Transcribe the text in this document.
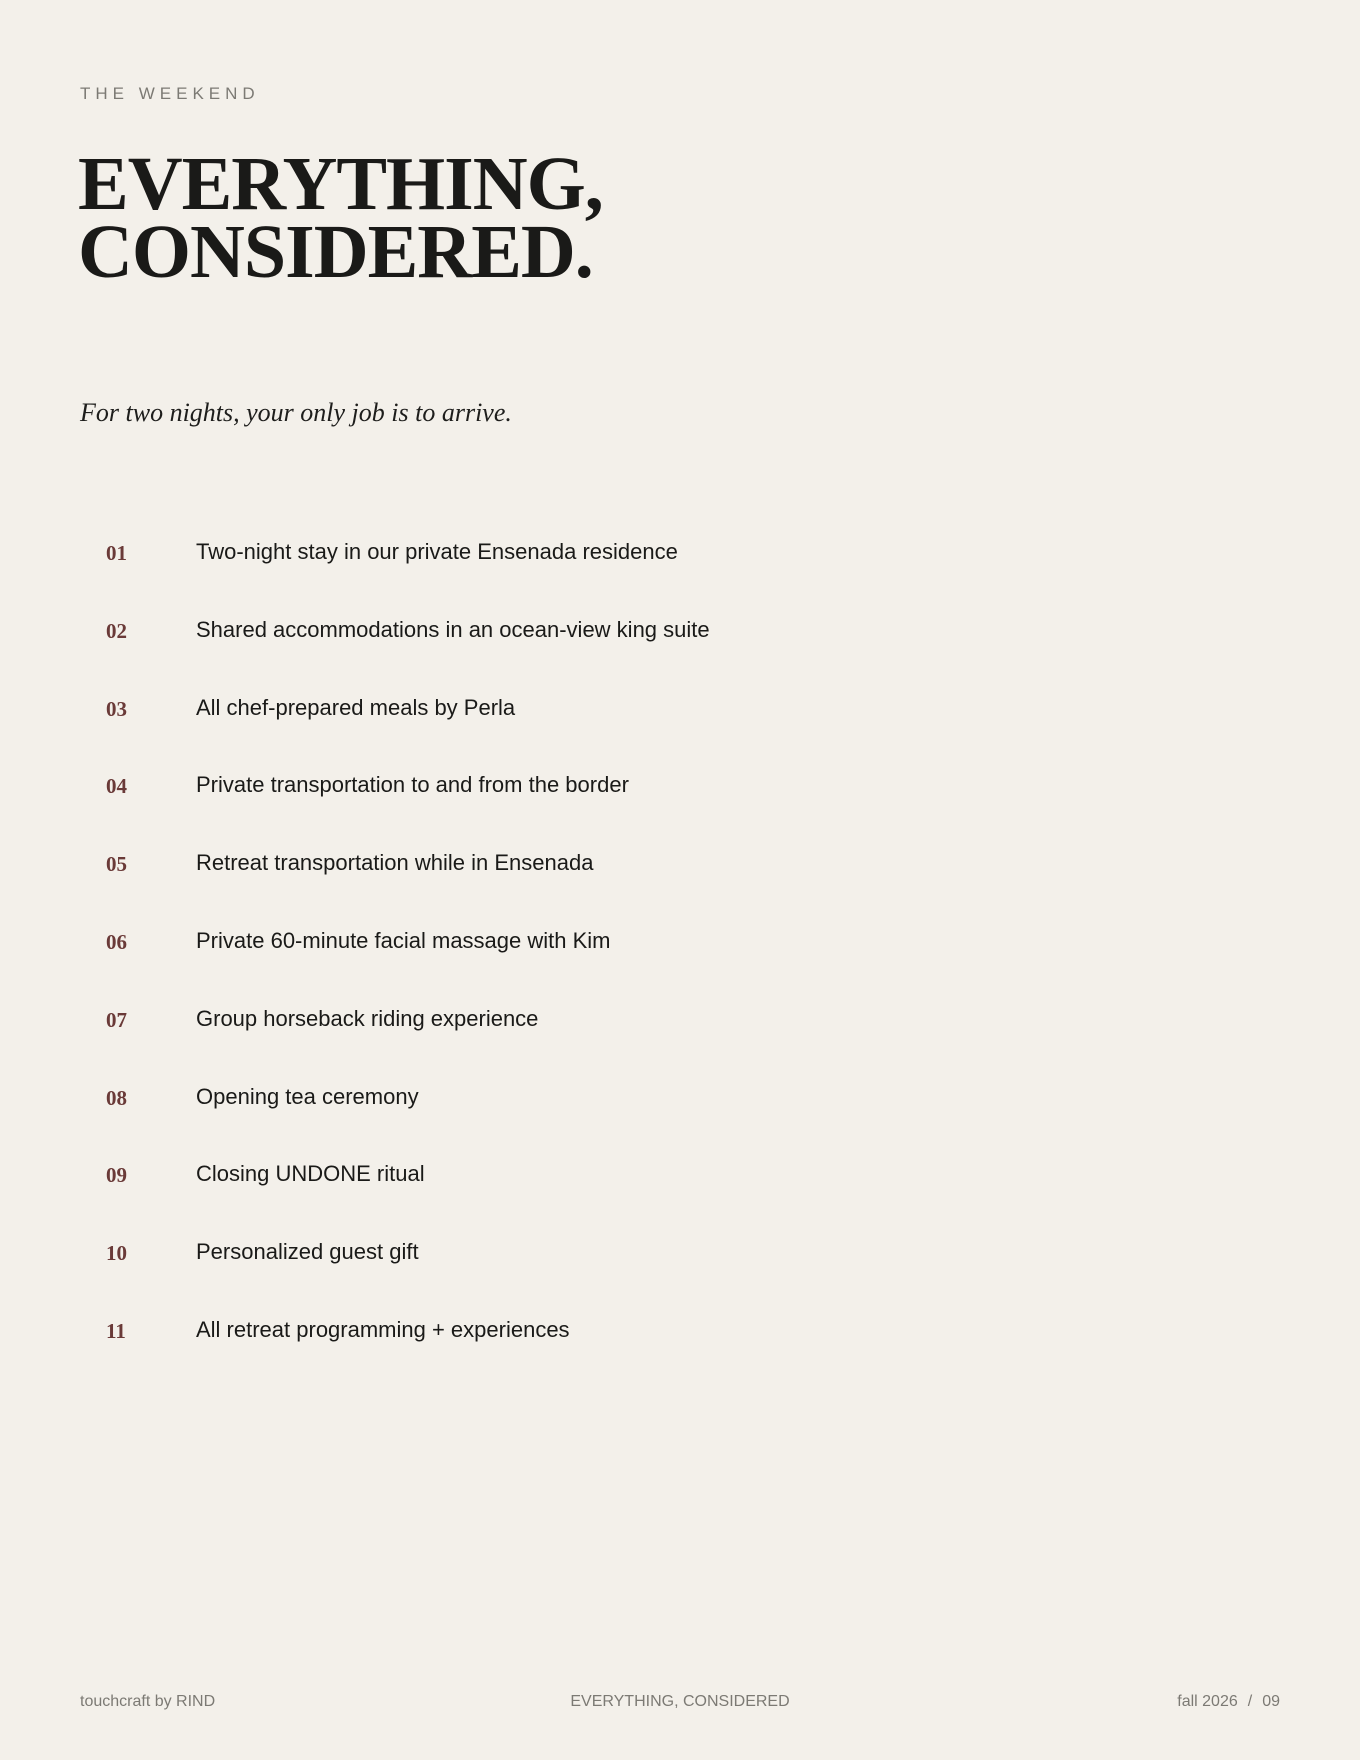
THE WEEKEND
EVERYTHING,
CONSIDERED.
For two nights, your only job is to arrive.
01	Two-night stay in our private Ensenada residence
02	Shared accommodations in an ocean-view king suite
03	All chef-prepared meals by Perla
04	Private transportation to and from the border
05	Retreat transportation while in Ensenada
06	Private 60-minute facial massage with Kim
07	Group horseback riding experience
08	Opening tea ceremony
09	Closing UNDONE ritual
10	Personalized guest gift
11	All retreat programming + experiences
touchcraft by RIND	EVERYTHING, CONSIDERED	fall 2026 / 09
